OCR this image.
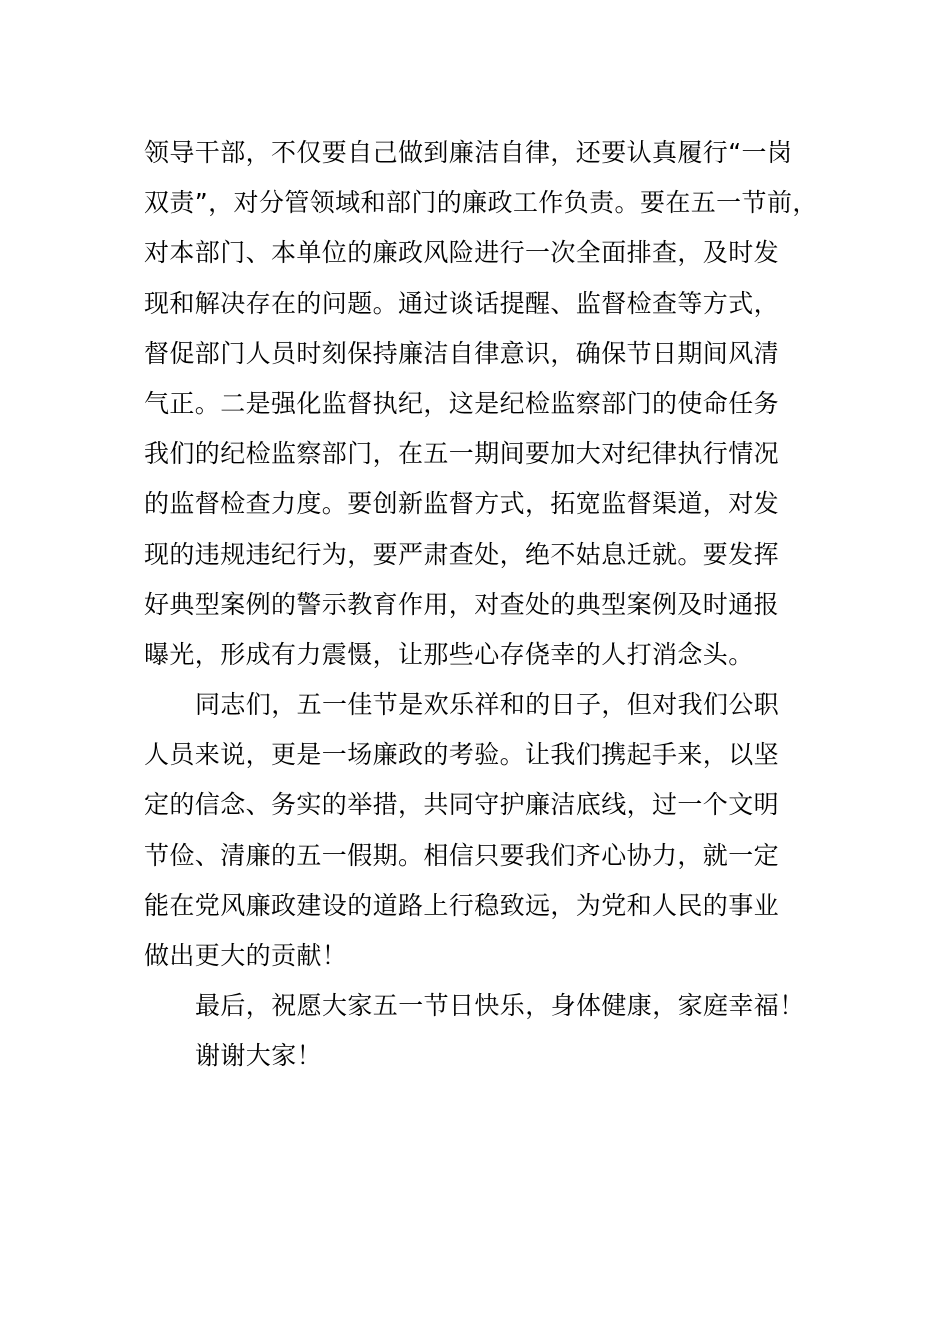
领导干部，不仅要自己做到廉洁自律，还要认真履行“一岗
双责”，对分管领域和部门的廉政工作负责。要在五一节前，
对本部门、本单位的廉政风险进行一次全面排查，及时发
现和解决存在的问题。通过谈话提醒、监督检查等方式，
督促部门人员时刻保持廉洁自律意识，确保节日期间风清
气正。二是强化监督执纪，这是纪检监察部门的使命任务
我们的纪检监察部门，在五一期间要加大对纪律执行情况
的监督检查力度。要创新监督方式，拓宽监督渠道，对发
现的违规违纪行为，要严肃查处，绝不姑息迁就。要发挥
好典型案例的警示教育作用，对查处的典型案例及时通报
曝光，形成有力震慑，让那些心存侥幸的人打消念头。
同志们，五一佳节是欢乐祥和的日子，但对我们公职
人员来说，更是一场廉政的考验。让我们携起手来，以坚
定的信念、务实的举措，共同守护廉洁底线，过一个文明
节俭、清廉的五一假期。相信只要我们齐心协力，就一定
能在党风廉政建设的道路上行稳致远，为党和人民的事业
做出更大的贡献！
最后，祝愿大家五一节日快乐，身体健康，家庭幸福！
谢谢大家！
